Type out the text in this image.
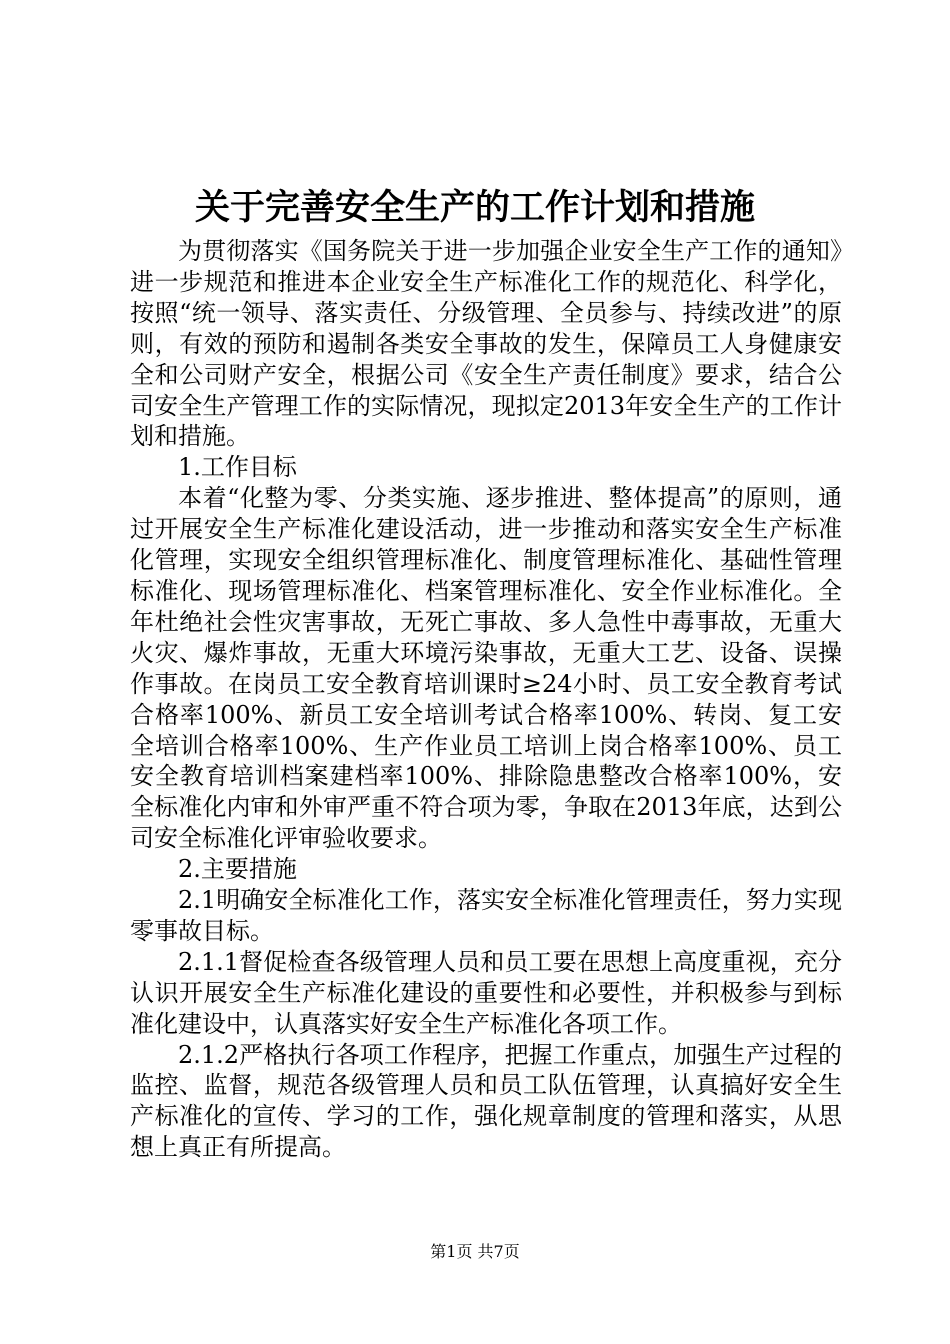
关于完善安全生产的工作计划和措施

为贯彻落实《国务院关于进一步加强企业安全生产工作的通知》进一步规范和推进本企业安全生产标准化工作的规范化、科学化，按照“统一领导、落实责任、分级管理、全员参与、持续改进”的原则，有效的预防和遏制各类安全事故的发生，保障员工人身健康安全和公司财产安全，根据公司《安全生产责任制度》要求，结合公司安全生产管理工作的实际情况，现拟定2013年安全生产的工作计划和措施。

1.工作目标

本着“化整为零、分类实施、逐步推进、整体提高”的原则，通过开展安全生产标准化建设活动，进一步推动和落实安全生产标准化管理，实现安全组织管理标准化、制度管理标准化、基础性管理标准化、现场管理标准化、档案管理标准化、安全作业标准化。全年杜绝社会性灾害事故，无死亡事故、多人急性中毒事故，无重大火灾、爆炸事故，无重大环境污染事故，无重大工艺、设备、误操作事故。在岗员工安全教育培训课时≥24小时、员工安全教育考试合格率100%、新员工安全培训考试合格率100%、转岗、复工安全培训合格率100%、生产作业员工培训上岗合格率100%、员工安全教育培训档案建档率100%、排除隐患整改合格率100%，安全标准化内审和外审严重不符合项为零，争取在2013年底，达到公司安全标准化评审验收要求。

2.主要措施

2.1明确安全标准化工作，落实安全标准化管理责任，努力实现零事故目标。

2.1.1督促检查各级管理人员和员工要在思想上高度重视，充分认识开展安全生产标准化建设的重要性和必要性，并积极参与到标准化建设中，认真落实好安全生产标准化各项工作。

2.1.2严格执行各项工作程序，把握工作重点，加强生产过程的监控、监督，规范各级管理人员和员工队伍管理，认真搞好安全生产标准化的宣传、学习的工作，强化规章制度的管理和落实，从思想上真正有所提高。

第1页 共7页
